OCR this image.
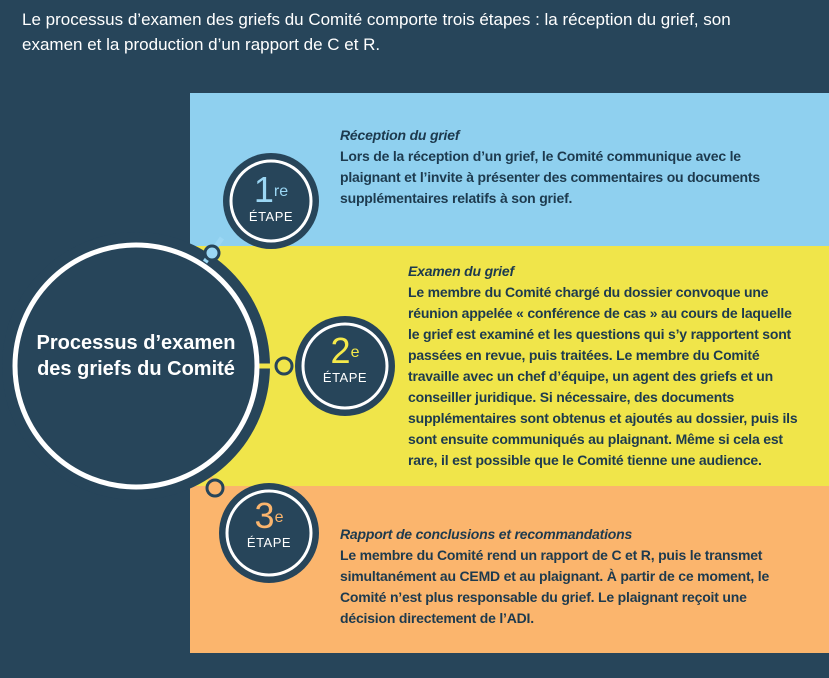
Le processus d’examen des griefs du Comité comporte trois étapes : la réception du grief, son examen et la production d’un rapport de C et R.
Processus d’examen des griefs du Comité
1re
ÉTAPE
2e
ÉTAPE
3e
ÉTAPE
Réception du grief
Lors de la réception d’un grief, le Comité communique avec le plaignant et l’invite à présenter des commentaires ou documents supplémentaires relatifs à son grief.
Examen du grief
Le membre du Comité chargé du dossier convoque une réunion appelée « conférence de cas » au cours de laquelle le grief est examiné et les questions qui s’y rapportent sont passées en revue, puis traitées. Le membre du Comité travaille avec un chef d’équipe, un agent des griefs et un conseiller juridique. Si nécessaire, des documents supplémentaires sont obtenus et ajoutés au dossier, puis ils sont ensuite communiqués au plaignant. Même si cela est rare, il est possible que le Comité tienne une audience.
Rapport de conclusions et recommandations
Le membre du Comité rend un rapport de C et R, puis le transmet simultanément au CEMD et au plaignant. À partir de ce moment, le Comité n’est plus responsable du grief. Le plaignant reçoit une décision directement de l’ADI.
